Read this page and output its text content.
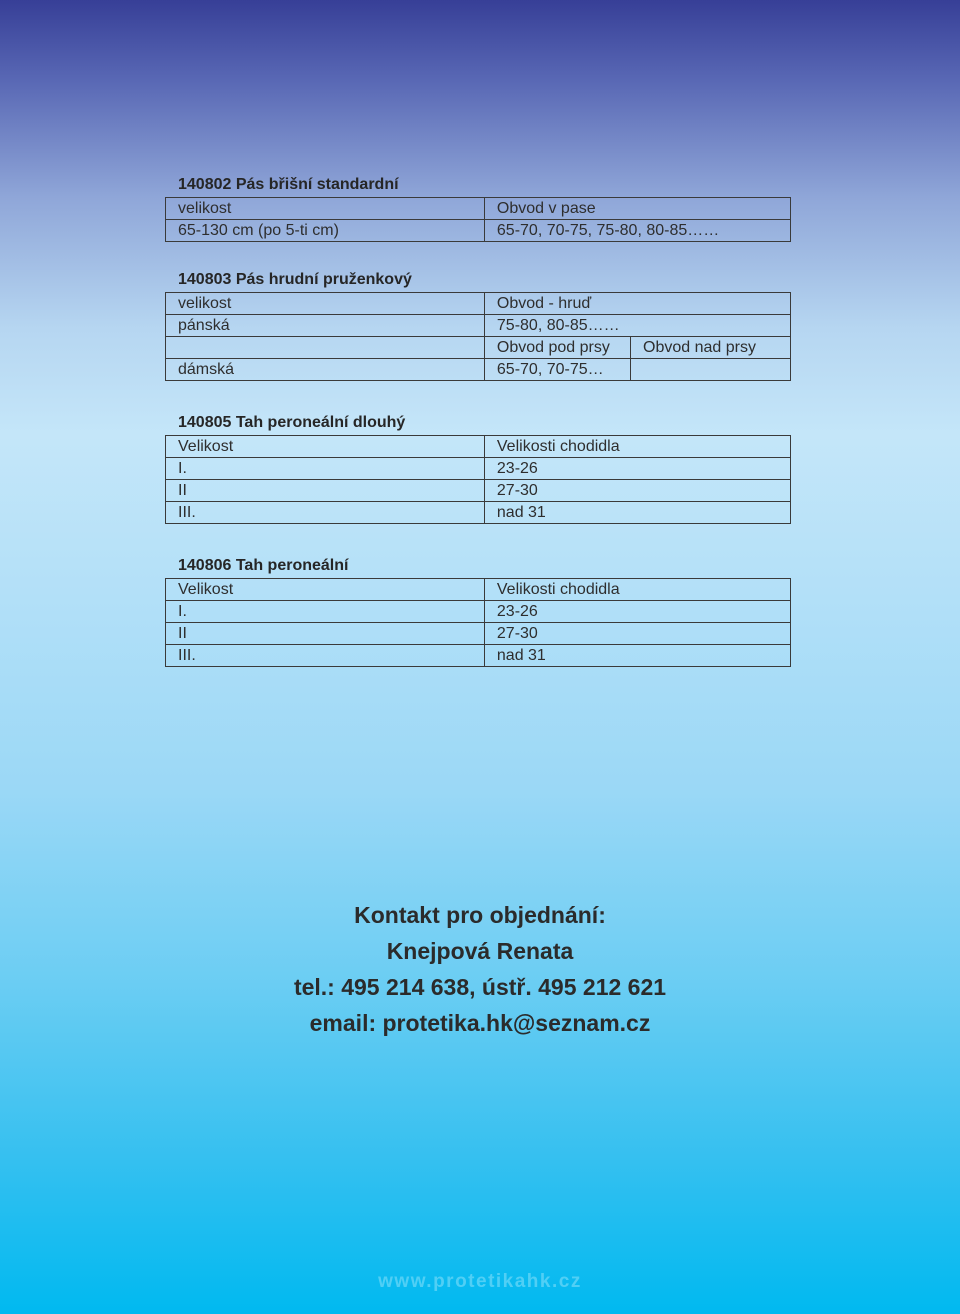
140802 Pás břišní standardní
velikost	Obvod v pase
65-130 cm (po 5-ti cm)	65-70, 70-75, 75-80, 80-85……
140803 Pás hrudní pruženkový
velikost	Obvod - hruď	
pánská	75-80, 80-85……	
	Obvod pod prsy	Obvod nad prsy
dámská	65-70, 70-75…	
140805 Tah peroneální dlouhý
Velikost	Velikosti chodidla
I.	23-26
II	27-30
III.	nad 31
140806 Tah peroneální
Velikost	Velikosti chodidla
I.	23-26
II	27-30
III.	nad 31
Kontakt pro objednání:
Knejpová Renata
tel.: 495 214 638, ústř. 495 212 621
email: protetika.hk@seznam.cz
www.protetikahk.cz
